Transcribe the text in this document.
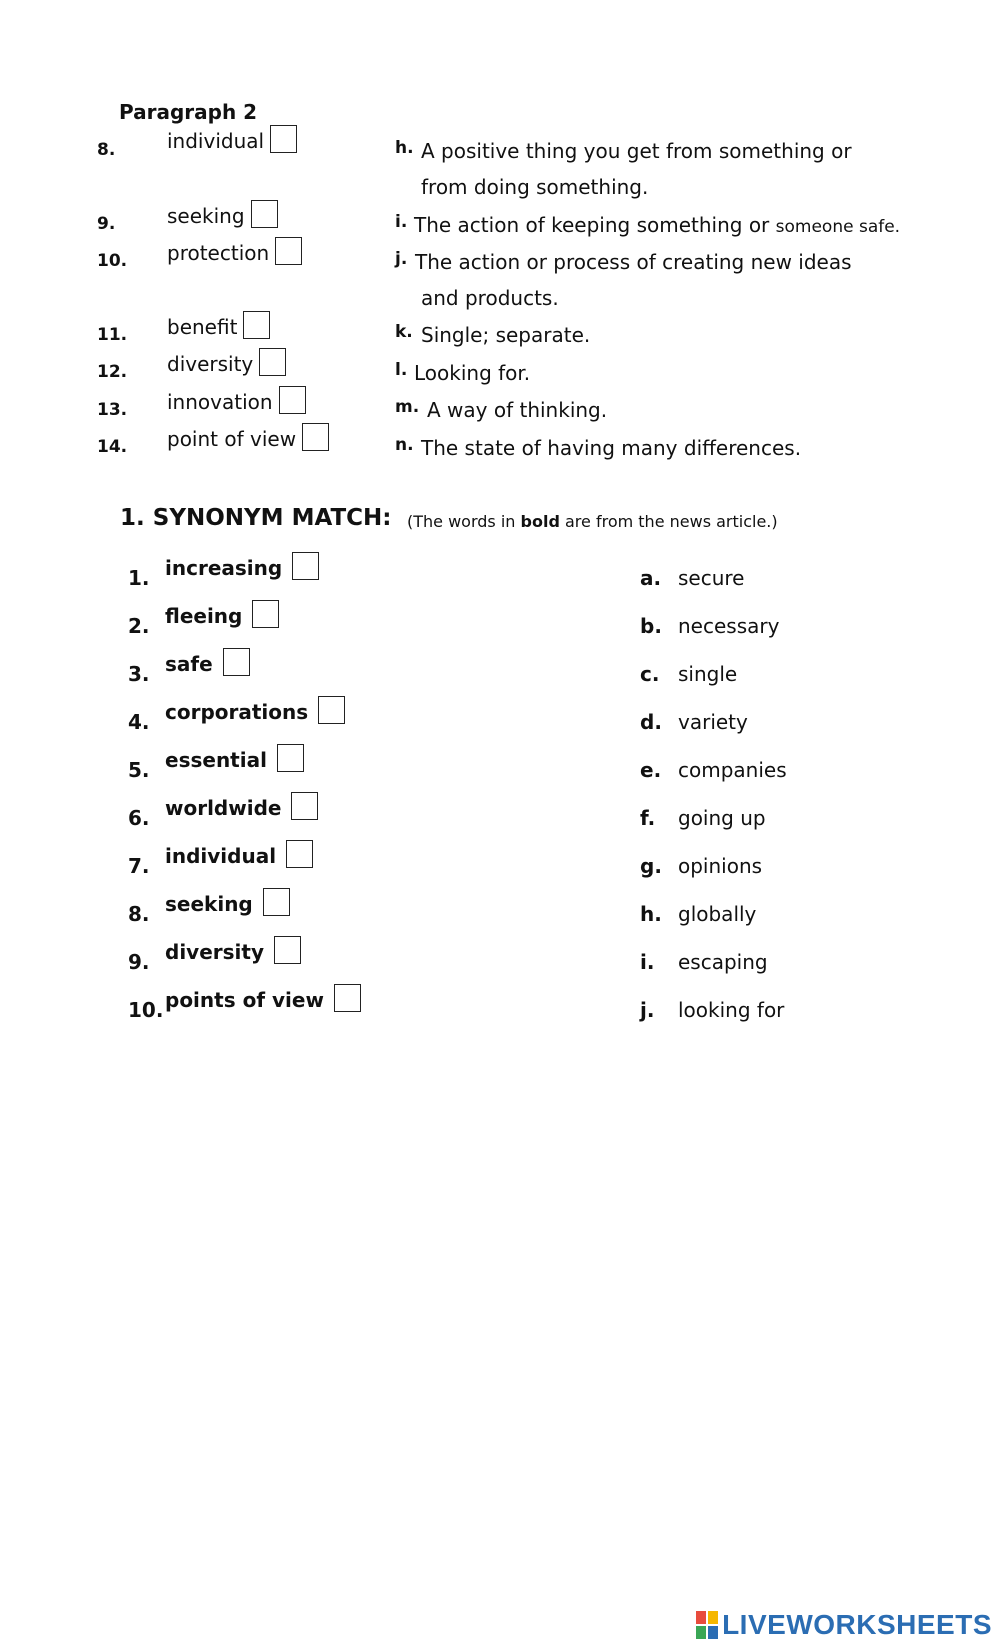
Paragraph 2
8.	individual
9.	seeking
10. protection
11. benefit
12. diversity
13. innovation
14. point of view
h. A positive thing you get from something or
from doing something.
i. The action of keeping something or someone safe.
j. The action or process of creating new ideas
and products.
k. Single; separate.
l. Looking for.
m. A way of thinking.
n. The state of having many differences.
1. SYNONYM MATCH: (The words in bold are from the news article.)
1. increasing
2. fleeing
3. safe
4. corporations
5. essential
6. worldwide
7. individual
8. seeking
9. diversity
10. points of view
a. secure
b. necessary
c. single
d. variety
e. companies
f. going up
g. opinions
h. globally
i. escaping
j. looking for
LIVEWORKSHEETS
